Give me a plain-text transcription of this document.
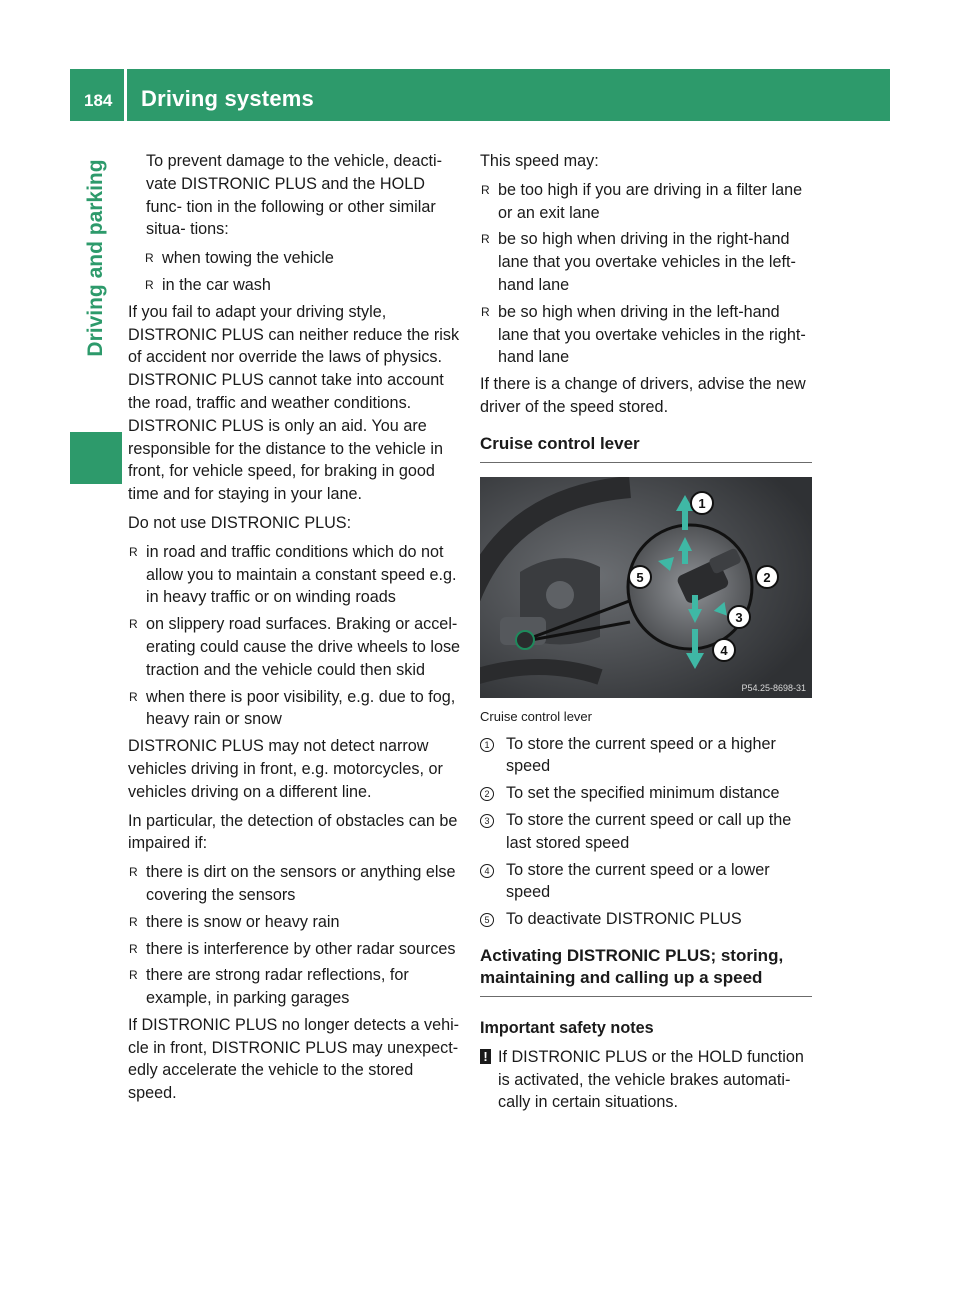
184 Driving systems
Driving and parking	To prevent damage to the vehicle, deacti- vate DISTRONIC PLUS and the HOLD func- tion in the following or other similar situa- tions:

R when towing the vehicle
R in the car wash

If you fail to adapt your driving style, DISTRONIC PLUS can neither reduce the risk of accident nor override the laws of physics. DISTRONIC PLUS cannot take into account the road, traffic and weather conditions. DISTRONIC PLUS is only an aid. You are responsible for the distance to the vehicle in front, for vehicle speed, for braking in good time and for staying in your lane.

Do not use DISTRONIC PLUS:

R in road and traffic conditions which do not allow you to maintain a constant speed e.g. in heavy traffic or on winding roads
R on slippery road surfaces. Braking or accel- erating could cause the drive wheels to lose traction and the vehicle could then skid
R when there is poor visibility, e.g. due to fog, heavy rain or snow

DISTRONIC PLUS may not detect narrow vehicles driving in front, e.g. motorcycles, or vehicles driving on a different line.

In particular, the detection of obstacles can be impaired if:

R there is dirt on the sensors or anything else covering the sensors
R there is snow or heavy rain
R there is interference by other radar sources
R there are strong radar reflections, for example, in parking garages

If DISTRONIC PLUS no longer detects a vehi- cle in front, DISTRONIC PLUS may unexpect- edly accelerate the vehicle to the stored speed.

This speed may:

R be too high if you are driving in a filter lane or an exit lane
R be so high when driving in the right-hand lane that you overtake vehicles in the left- hand lane
R be so high when driving in the left-hand lane that you overtake vehicles in the right-hand lane

If there is a change of drivers, advise the new driver of the speed stored.

Cruise control lever
1
2
3
4
5
P54.25-8698-31
Cruise control lever
1 To store the current speed or a higher speed
2 To set the specified minimum distance
3 To store the current speed or call up the last stored speed
4 To store the current speed or a lower speed
5 To deactivate DISTRONIC PLUS
Activating DISTRONIC PLUS; storing, maintaining and calling up a speed
Important safety notes
! If DISTRONIC PLUS or the HOLD function is activated, the vehicle brakes automati- cally in certain situations.
